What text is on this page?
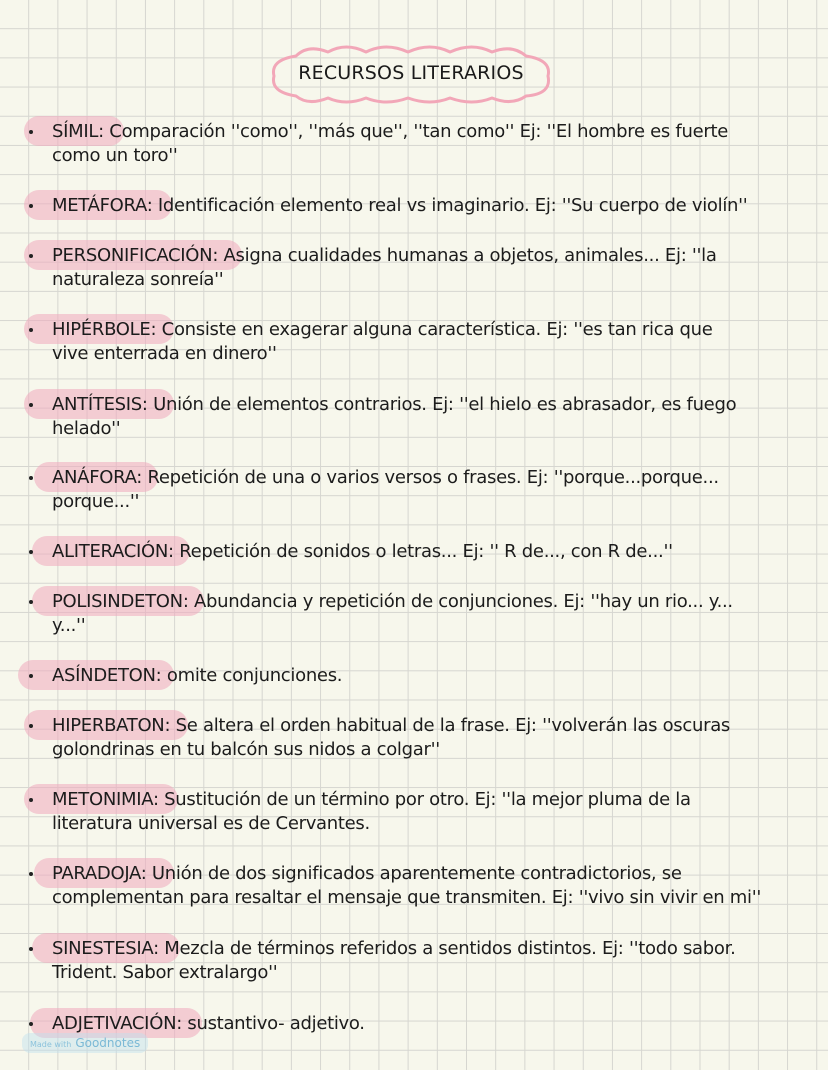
RECURSOS LITERARIOS
SÍMIL: Comparación ''como'', ''más que'', ''tan como'' Ej: ''El hombre es fuerte
como un toro''
METÁFORA: Identificación elemento real vs imaginario. Ej: ''Su cuerpo de violín''

PERSONIFICACIÓN: Asigna cualidades humanas a objetos, animales... Ej: ''la
naturaleza sonreía''
HIPÉRBOLE: Consiste en exagerar alguna característica. Ej: ''es tan rica que
vive enterrada en dinero''
ANTÍTESIS: Unión de elementos contrarios. Ej: ''el hielo es abrasador, es fuego
helado''
ANÁFORA: Repetición de una o varios versos o frases. Ej: ''porque...porque...
porque...''
ALITERACIÓN: Repetición de sonidos o letras... Ej: '' R de..., con R de...''

POLISINDETON: Abundancia y repetición de conjunciones. Ej: ''hay un rio... y...
y...''
ASÍNDETON: omite conjunciones.

HIPERBATON: Se altera el orden habitual de la frase. Ej: ''volverán las oscuras
golondrinas en tu balcón sus nidos a colgar''
METONIMIA: Sustitución de un término por otro. Ej: ''la mejor pluma de la
literatura universal es de Cervantes.
PARADOJA: Unión de dos significados aparentemente contradictorios, se
complementan para resaltar el mensaje que transmiten. Ej: ''vivo sin vivir en mi''
SINESTESIA: Mezcla de términos referidos a sentidos distintos. Ej: ''todo sabor.
Trident. Sabor extralargo''
ADJETIVACIÓN: sustantivo- adjetivo.

Made with Goodnotes
